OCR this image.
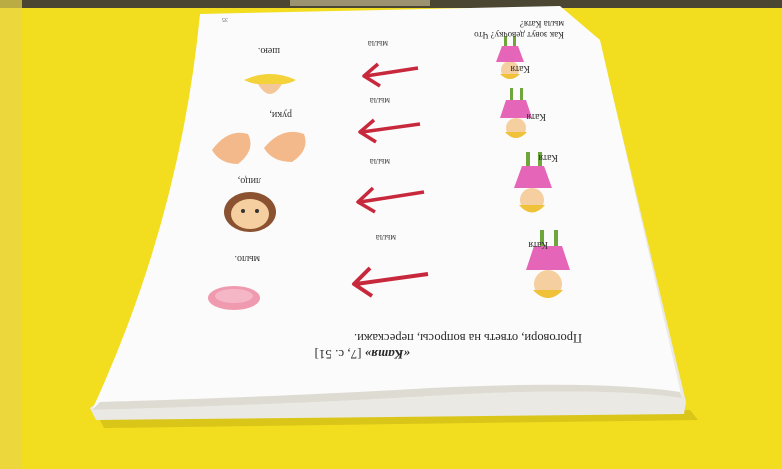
«Катя» [7, с. 51]
Проговори, ответь на вопросы, перескажи.
Катя
мыла
мыло.
Катя
мыла
лицо,
Катя
мыла
руки,
Катя
мыла
шею.
Как зовут девочку? Что мыла Катя?
35
